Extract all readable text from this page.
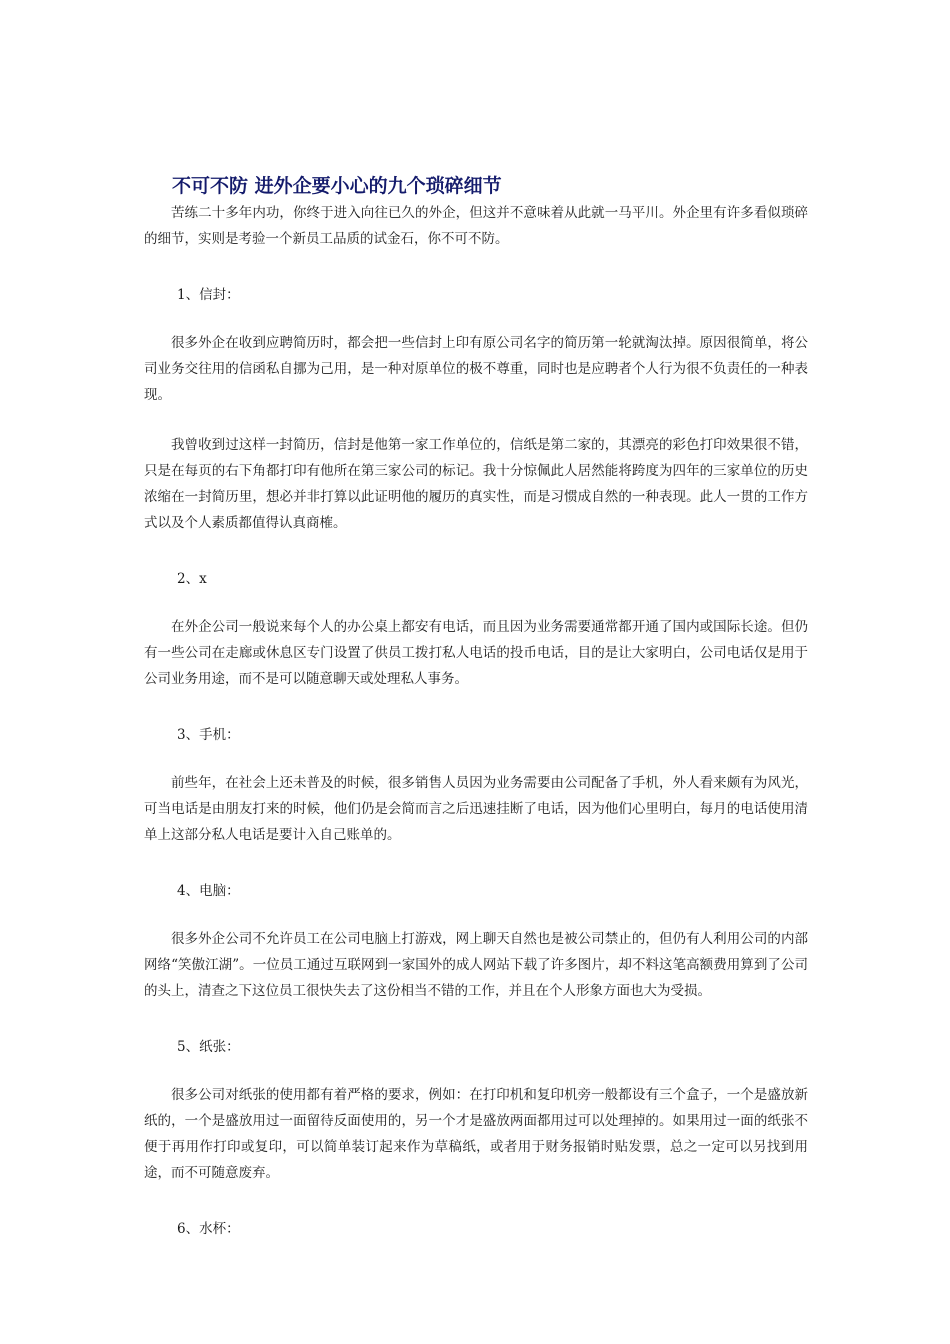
不可不防 进外企要小心的九个琐碎细节

苦练二十多年内功，你终于进入向往已久的外企，但这并不意味着从此就一马平川。外企里有许多看似琐碎的细节，实则是考验一个新员工品质的试金石，你不可不防。

1、信封：

很多外企在收到应聘简历时，都会把一些信封上印有原公司名字的简历第一轮就淘汰掉。原因很简单，将公司业务交往用的信函私自挪为己用，是一种对原单位的极不尊重，同时也是应聘者个人行为很不负责任的一种表现。

我曾收到过这样一封简历，信封是他第一家工作单位的，信纸是第二家的，其漂亮的彩色打印效果很不错，只是在每页的右下角都打印有他所在第三家公司的标记。我十分惊佩此人居然能将跨度为四年的三家单位的历史浓缩在一封简历里，想必并非打算以此证明他的履历的真实性，而是习惯成自然的一种表现。此人一贯的工作方式以及个人素质都值得认真商榷。

2、x

在外企公司一般说来每个人的办公桌上都安有电话，而且因为业务需要通常都开通了国内或国际长途。但仍有一些公司在走廊或休息区专门设置了供员工拨打私人电话的投币电话，目的是让大家明白，公司电话仅是用于公司业务用途，而不是可以随意聊天或处理私人事务。

3、手机：

前些年，在社会上还未普及的时候，很多销售人员因为业务需要由公司配备了手机，外人看来颇有为风光，可当电话是由朋友打来的时候，他们仍是会简而言之后迅速挂断了电话，因为他们心里明白，每月的电话使用清单上这部分私人电话是要计入自己账单的。

4、电脑：

很多外企公司不允许员工在公司电脑上打游戏，网上聊天自然也是被公司禁止的，但仍有人利用公司的内部网络“笑傲江湖”。一位员工通过互联网到一家国外的成人网站下载了许多图片，却不料这笔高额费用算到了公司的头上，清查之下这位员工很快失去了这份相当不错的工作，并且在个人形象方面也大为受损。

5、纸张：

很多公司对纸张的使用都有着严格的要求，例如：在打印机和复印机旁一般都设有三个盒子，一个是盛放新纸的，一个是盛放用过一面留待反面使用的，另一个才是盛放两面都用过可以处理掉的。如果用过一面的纸张不便于再用作打印或复印，可以简单装订起来作为草稿纸，或者用于财务报销时贴发票，总之一定可以另找到用途，而不可随意废弃。

6、水杯：
